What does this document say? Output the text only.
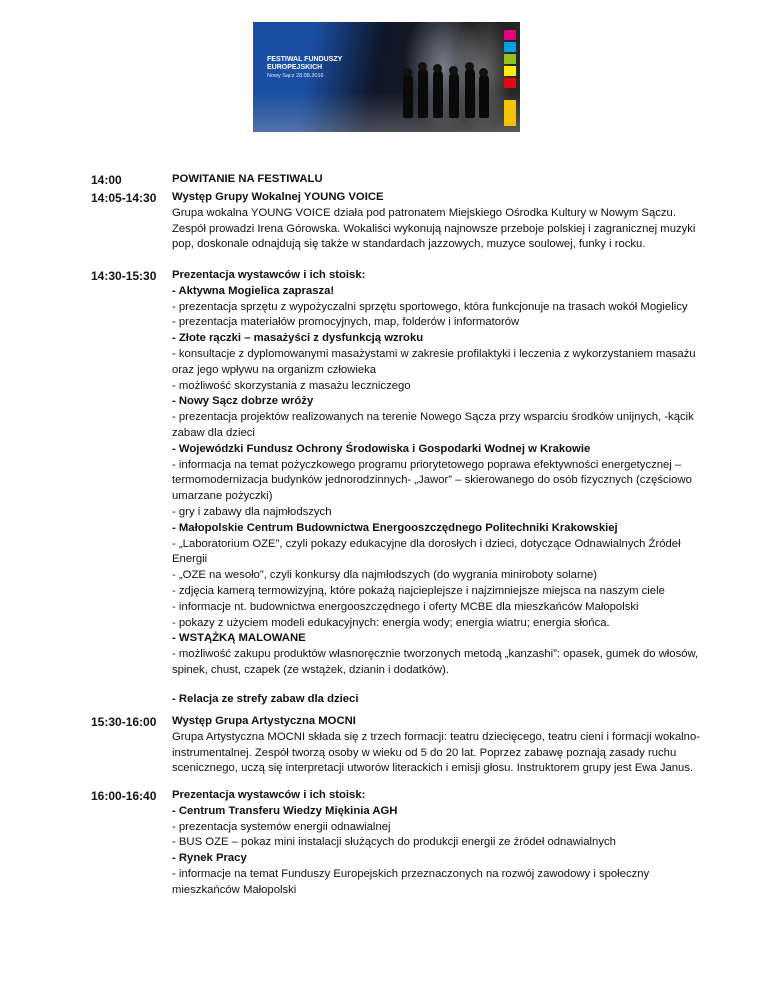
FESTIWAL FUNDUSZY
EUROPEJSKICH
Nowy Sącz 28.08.2016
14:00	POWITANIE NA FESTIWALU

14:05-14:30 Występ Grupy Wokalnej YOUNG VOICE

Grupa wokalna YOUNG VOICE działa pod patronatem Miejskiego Ośrodka Kultury w Nowym Sączu. Zespół prowadzi Irena Górowska. Wokaliści wykonują najnowsze przeboje polskiej i zagranicznej muzyki pop, doskonale odnajdują się także w standardach jazzowych, muzyce soulowej, funky i rocku.

14:30-15:30 Prezentacja wystawców i ich stoisk:

- Aktywna Mogielica zaprasza!

- prezentacja sprzętu z wypożyczalni sprzętu sportowego, która funkcjonuje na trasach wokół Mogielicy

- prezentacja materiałów promocyjnych, map, folderów i informatorów

- Złote rączki – masażyści z dysfunkcją wzroku

- konsultacje z dyplomowanymi masażystami w zakresie profilaktyki i leczenia z wykorzystaniem masażu oraz jego wpływu na organizm człowieka

- możliwość skorzystania z masażu leczniczego

- Nowy Sącz dobrze wróży

- prezentacja projektów realizowanych na terenie Nowego Sącza przy wsparciu środków unijnych, -kącik zabaw dla dzieci

- Wojewódzki Fundusz Ochrony Środowiska i Gospodarki Wodnej w Krakowie

- informacja na temat pożyczkowego programu priorytetowego poprawa efektywności energetycznej – termomodernizacja budynków jednorodzinnych- „Jawor” – skierowanego do osób fizycznych (częściowo umarzane pożyczki)

- gry i zabawy dla najmłodszych

- Małopolskie Centrum Budownictwa Energooszczędnego Politechniki Krakowskiej

- „Laboratorium OZE”, czyli pokazy edukacyjne dla dorosłych i dzieci, dotyczące Odnawialnych Źródeł Energii

- „OZE na wesoło”, czyli konkursy dla najmłodszych (do wygrania miniroboty solarne)

- zdjęcia kamerą termowizyjną, które pokażą najcieplejsze i najzimniejsze miejsca na naszym ciele

- informacje nt. budownictwa energooszczędnego i oferty MCBE dla mieszkańców Małopolski

- pokazy z użyciem modeli edukacyjnych: energia wody; energia wiatru; energia słońca.

- WSTĄŻKĄ MALOWANE

- możliwość zakupu produktów własnoręcznie tworzonych metodą „kanzashi”: opasek, gumek do włosów, spinek, chust, czapek (ze wstążek, dzianin i dodatków).

- Relacja ze strefy zabaw dla dzieci

15:30-16:00 Występ Grupa Artystyczna MOCNI

Grupa Artystyczna MOCNI składa się z trzech formacji: teatru dziecięcego, teatru cieni i formacji wokalno-instrumentalnej. Zespół tworzą osoby w wieku od 5 do 20 lat. Poprzez zabawę poznają zasady ruchu scenicznego, uczą się interpretacji utworów literackich i emisji głosu. Instruktorem grupy jest Ewa Janus.

16:00-16:40 Prezentacja wystawców i ich stoisk:

- Centrum Transferu Wiedzy Miękinia AGH

- prezentacja systemów energii odnawialnej

- BUS OZE – pokaz mini instalacji służących do produkcji energii ze źródeł odnawialnych

- Rynek Pracy

- informacje na temat Funduszy Europejskich przeznaczonych na rozwój zawodowy i społeczny mieszkańców Małopolski
